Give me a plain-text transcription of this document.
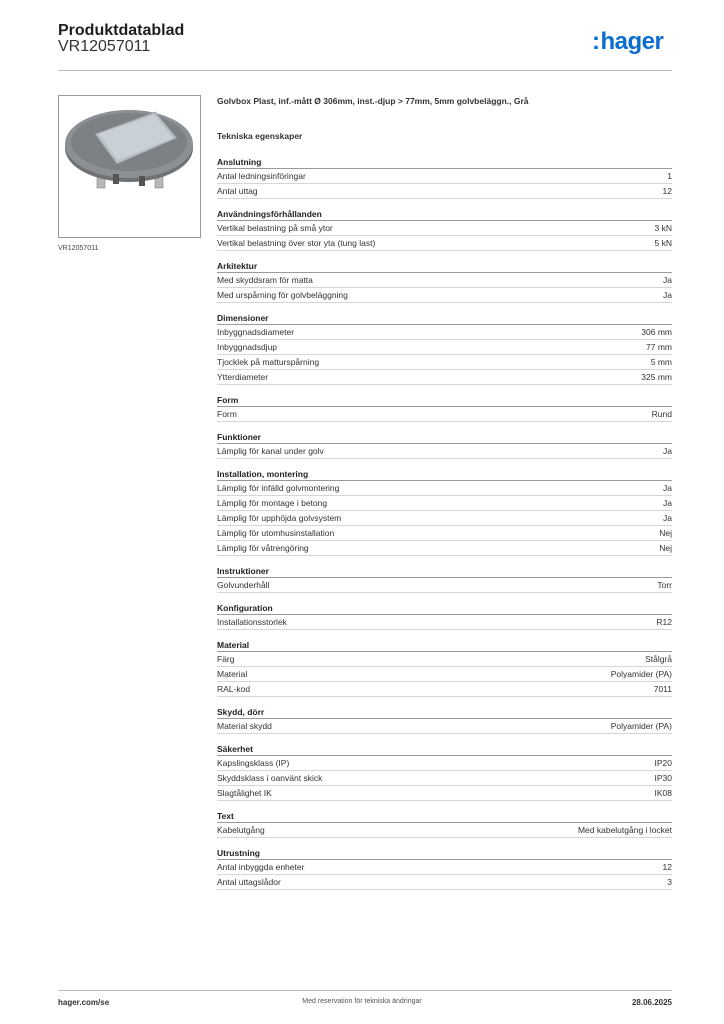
Produktdatablad
VR12057011	:hager
VR12057011
Golvbox Plast, inf.-mått Ø 306mm, inst.-djup > 77mm, 5mm golvbeläggn., Grå
Tekniska egenskaper
Anslutning
Antal ledningsinföringar	1
Antal uttag	12
Användningsförhållanden
Vertikal belastning på små ytor	3 kN
Vertikal belastning över stor yta (tung last)	5 kN
Arkitektur
Med skyddsram för matta	Ja
Med urspårning för golvbeläggning	Ja
Dimensioner
Inbyggnadsdiameter	306 mm
Inbyggnadsdjup	77 mm
Tjocklek på matturspårning	5 mm
Ytterdiameter	325 mm
Form
Form	Rund
Funktioner
Lämplig för kanal under golv	Ja
Installation, montering
Lämplig för infälld golvmontering	Ja
Lämplig för montage i betong	Ja
Lämplig för upphöjda golvsystem	Ja
Lämplig för utomhusinstallation	Nej
Lämplig för våtrengöring	Nej
Instruktioner
Golvunderhåll	Torr
Konfiguration
Installationsstorlek	R12
Material
Färg	Stålgrå
Material	Polyamider (PA)
RAL-kod	7011
Skydd, dörr
Material skydd	Polyamider (PA)
Säkerhet
Kapslingsklass (IP)	IP20
Skyddsklass i oanvänt skick	IP30
Slagtålighet IK	IK08
Text
Kabelutgång	Med kabelutgång i locket
Utrustning
Antal inbyggda enheter	12
Antal uttagslådor	3
hager.com/se	Med reservation för tekniska ändringar	28.06.2025
